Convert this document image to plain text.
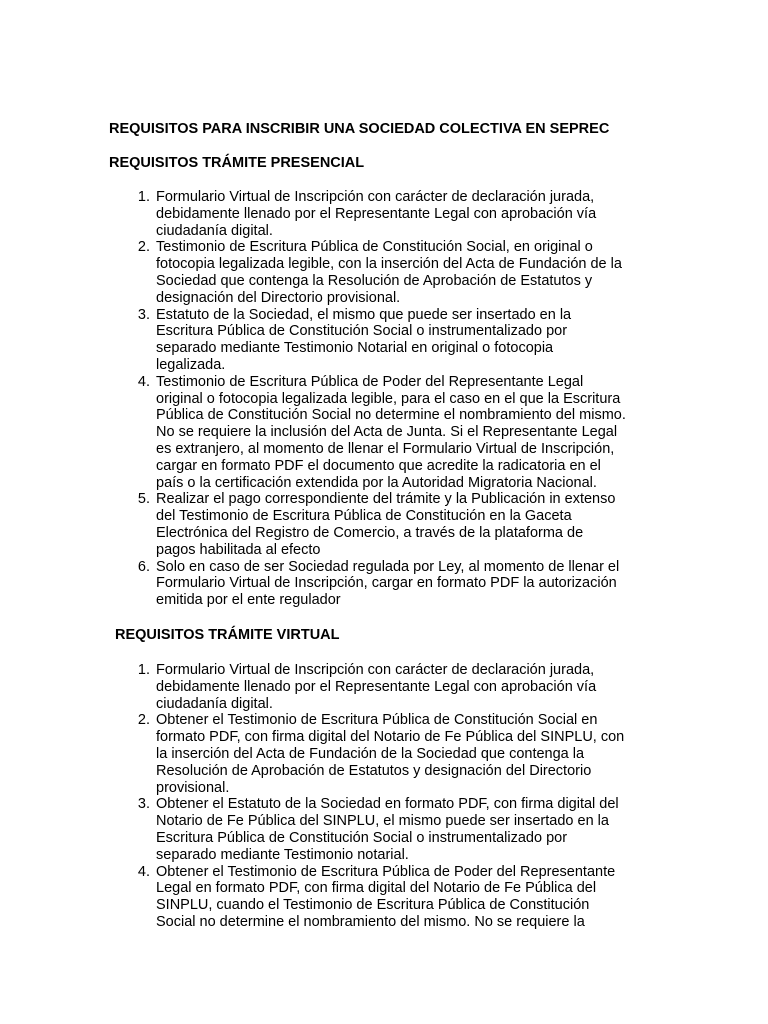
REQUISITOS PARA INSCRIBIR UNA SOCIEDAD COLECTIVA EN SEPREC
REQUISITOS TRÁMITE PRESENCIAL
1. Formulario Virtual de Inscripción con carácter de declaración jurada,
debidamente llenado por el Representante Legal con aprobación vía
ciudadanía digital.
2. Testimonio de Escritura Pública de Constitución Social, en original o
fotocopia legalizada legible, con la inserción del Acta de Fundación de la
Sociedad que contenga la Resolución de Aprobación de Estatutos y
designación del Directorio provisional.
3. Estatuto de la Sociedad, el mismo que puede ser insertado en la
Escritura Pública de Constitución Social o instrumentalizado por
separado mediante Testimonio Notarial en original o fotocopia
legalizada.
4. Testimonio de Escritura Pública de Poder del Representante Legal
original o fotocopia legalizada legible, para el caso en el que la Escritura
Pública de Constitución Social no determine el nombramiento del mismo.
No se requiere la inclusión del Acta de Junta. Si el Representante Legal
es extranjero, al momento de llenar el Formulario Virtual de Inscripción,
cargar en formato PDF el documento que acredite la radicatoria en el
país o la certificación extendida por la Autoridad Migratoria Nacional.
5. Realizar el pago correspondiente del trámite y la Publicación in extenso
del Testimonio de Escritura Pública de Constitución en la Gaceta
Electrónica del Registro de Comercio, a través de la plataforma de
pagos habilitada al efecto
6. Solo en caso de ser Sociedad regulada por Ley, al momento de llenar el
Formulario Virtual de Inscripción, cargar en formato PDF la autorización
emitida por el ente regulador
REQUISITOS TRÁMITE VIRTUAL
1. Formulario Virtual de Inscripción con carácter de declaración jurada,
debidamente llenado por el Representante Legal con aprobación vía
ciudadanía digital.
2. Obtener el Testimonio de Escritura Pública de Constitución Social en
formato PDF, con firma digital del Notario de Fe Pública del SINPLU, con
la inserción del Acta de Fundación de la Sociedad que contenga la
Resolución de Aprobación de Estatutos y designación del Directorio
provisional.
3. Obtener el Estatuto de la Sociedad en formato PDF, con firma digital del
Notario de Fe Pública del SINPLU, el mismo puede ser insertado en la
Escritura Pública de Constitución Social o instrumentalizado por
separado mediante Testimonio notarial.
4. Obtener el Testimonio de Escritura Pública de Poder del Representante
Legal en formato PDF, con firma digital del Notario de Fe Pública del
SINPLU, cuando el Testimonio de Escritura Pública de Constitución
Social no determine el nombramiento del mismo. No se requiere la
